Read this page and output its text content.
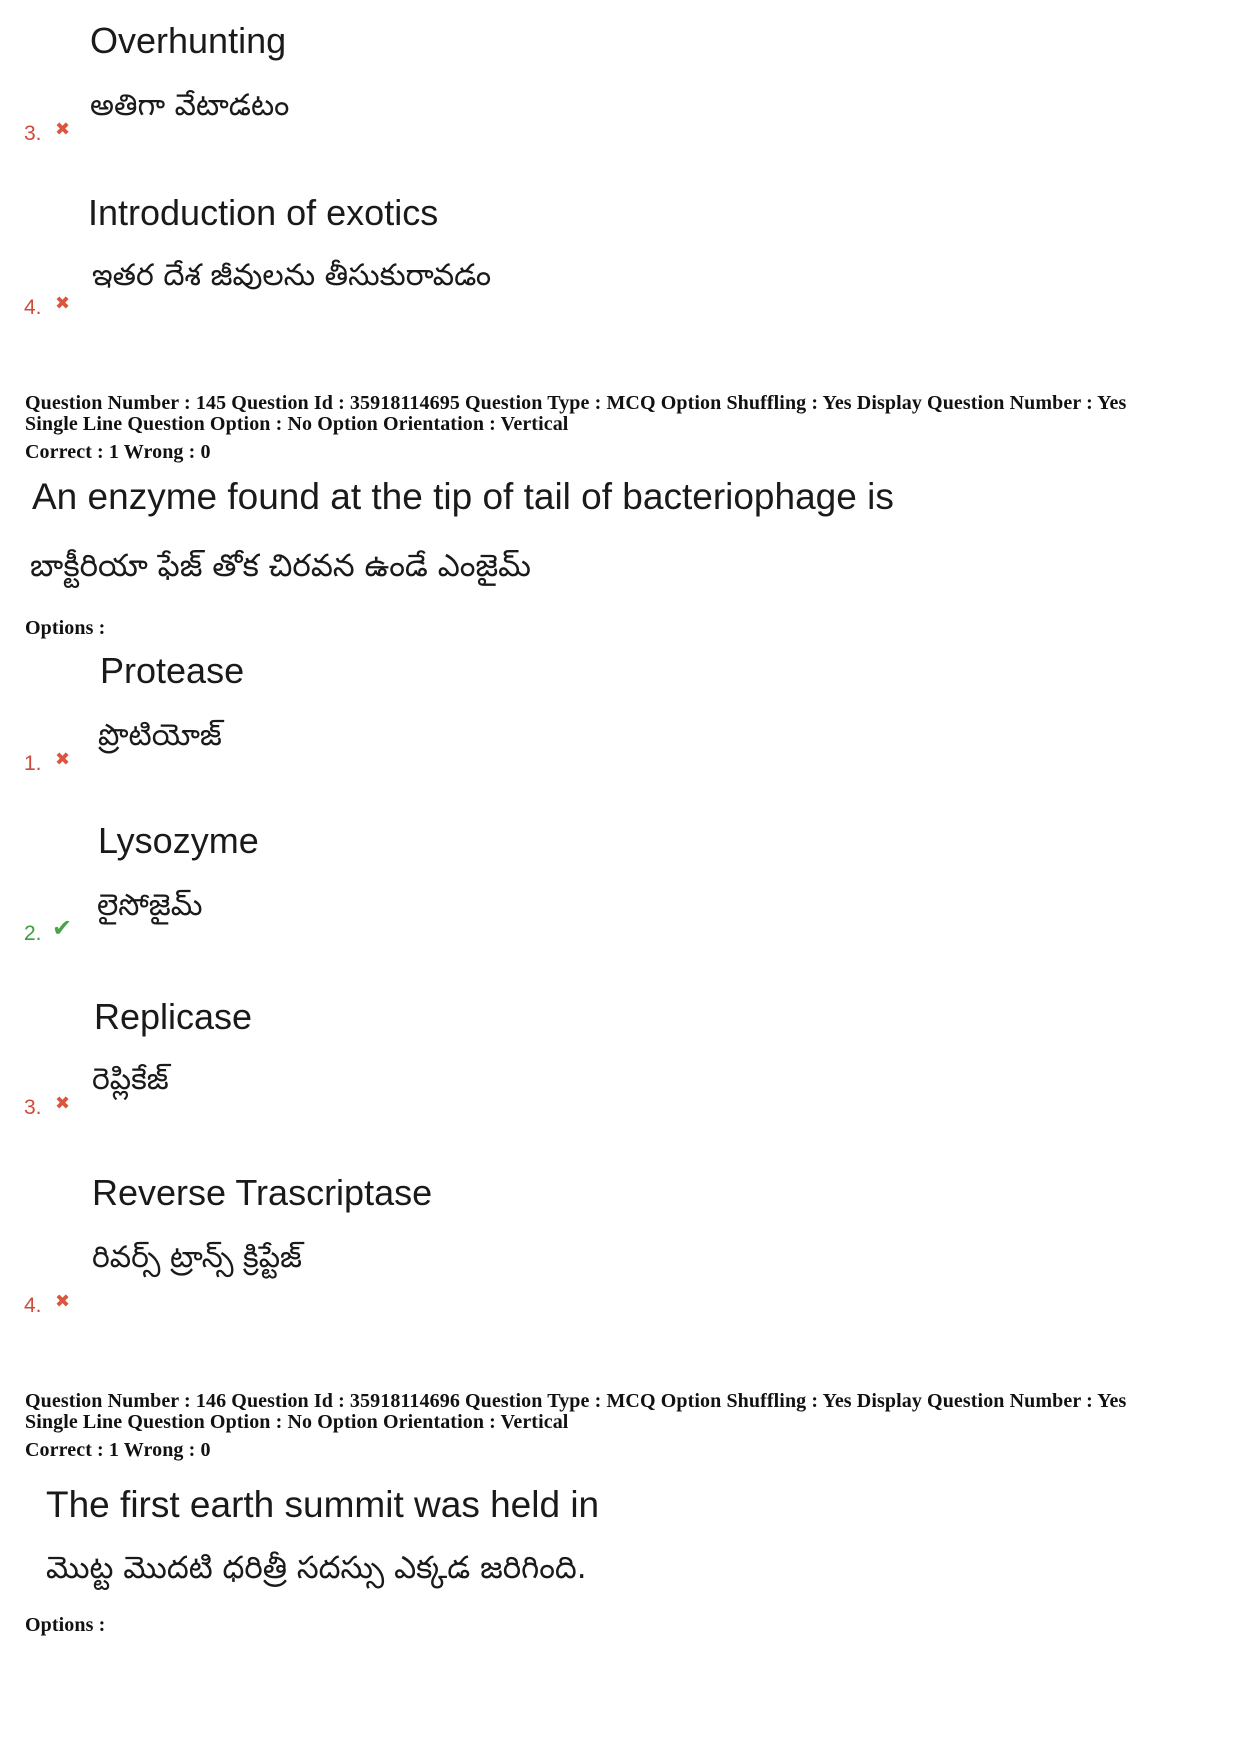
Overhunting
అతిగా వేటాడటం
3. ✖
Introduction of exotics
ఇతర దేశ జీవులను తీసుకురావడం
4. ✖
Question Number : 145 Question Id : 35918114695 Question Type : MCQ Option Shuffling : Yes Display Question Number : Yes
Single Line Question Option : No Option Orientation : Vertical
Correct : 1 Wrong : 0
An enzyme found at the tip of tail of bacteriophage is
బాక్టీరియా ఫేజ్ తోక చిరవన ఉండే ఎంజైమ్
Options :
Protease
ప్రొటియోజ్
1. ✖
Lysozyme
లైసోజైమ్
2. ✔
Replicase
రెప్లికేజ్
3. ✖
Reverse Trascriptase
రివర్స్ ట్రాన్స్ క్రిప్టేజ్
4. ✖
Question Number : 146 Question Id : 35918114696 Question Type : MCQ Option Shuffling : Yes Display Question Number : Yes
Single Line Question Option : No Option Orientation : Vertical
Correct : 1 Wrong : 0
The first earth summit was held in
మొట్ట మొదటి ధరిత్రీ సదస్సు ఎక్కడ జరిగింది.
Options :
